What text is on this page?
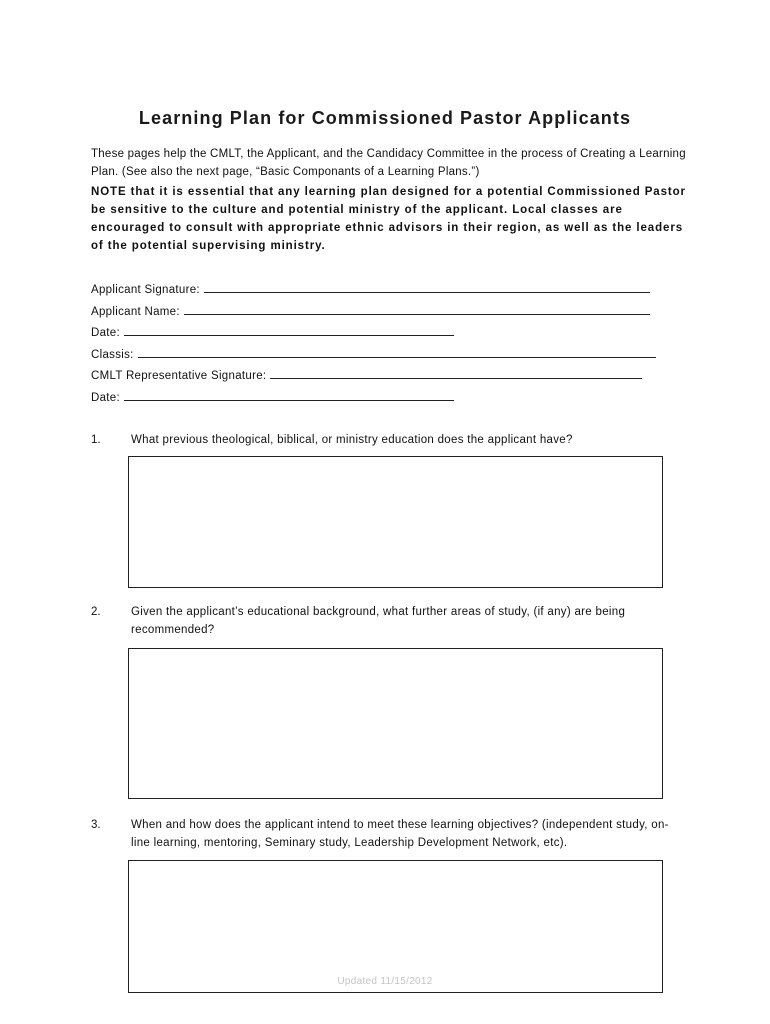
Learning Plan for Commissioned Pastor Applicants
These pages help the CMLT, the Applicant, and the Candidacy Committee in the process of Creating a Learning Plan. (See also the next page, “Basic Componants of a Learning Plans.”)
NOTE that it is essential that any learning plan designed for a potential Commissioned Pastor be sensitive to the culture and potential ministry of the applicant. Local classes are encouraged to consult with appropriate ethnic advisors in their region, as well as the leaders of the potential supervising ministry.
Applicant Signature:
Applicant Name:
Date:
Classis:
CMLT Representative Signature:
Date:
1.	What previous theological, biblical, or ministry education does the applicant have?
2.	Given the applicant’s educational background, what further areas of study, (if any) are being recommended?
3.	When and how does the applicant intend to meet these learning objectives? (independent study, on-line learning, mentoring, Seminary study, Leadership Development Network, etc).
Updated 11/15/2012
